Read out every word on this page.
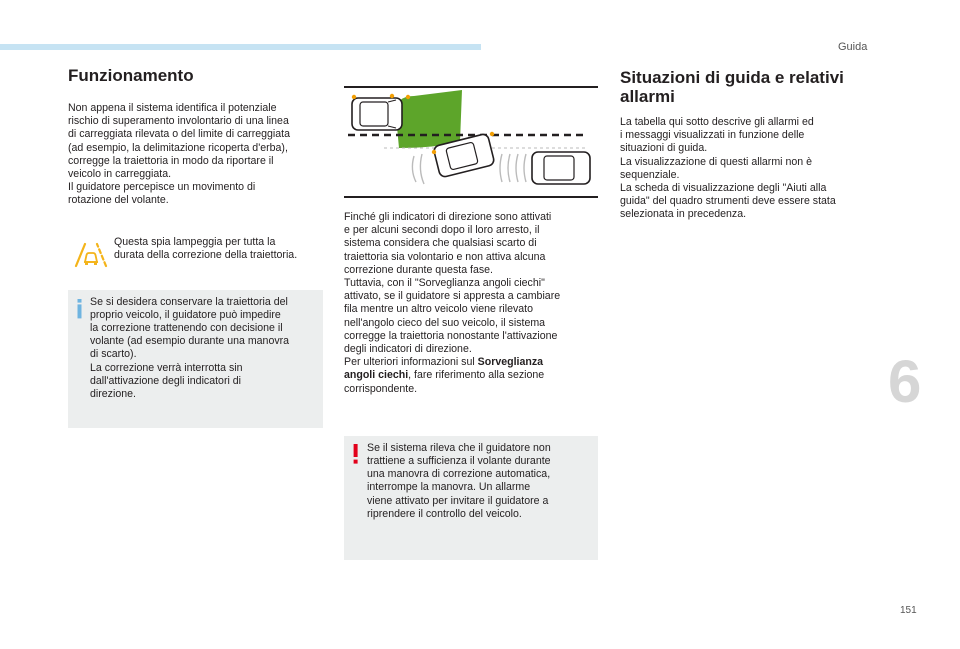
Guida
6
151
Funzionamento

Non appena il sistema identifica il potenziale
rischio di superamento involontario di una linea
di carreggiata rilevata o del limite di carreggiata
(ad esempio, la delimitazione ricoperta d'erba),
corregge la traiettoria in modo da riportare il
veicolo in carreggiata.
Il guidatore percepisce un movimento di
rotazione del volante.

Questa spia lampeggia per tutta la
durata della correzione della traiettoria.
Se si desidera conservare la traiettoria del
proprio veicolo, il guidatore può impedire
la correzione trattenendo con decisione il
volante (ad esempio durante una manovra
di scarto).
La correzione verrà interrotta sin
dall'attivazione degli indicatori di
direzione.

Finché gli indicatori di direzione sono attivati
e per alcuni secondi dopo il loro arresto, il
sistema considera che qualsiasi scarto di
traiettoria sia volontario e non attiva alcuna
correzione durante questa fase.
Tuttavia, con il "Sorveglianza angoli ciechi"
attivato, se il guidatore si appresta a cambiare
fila mentre un altro veicolo viene rilevato
nell'angolo cieco del suo veicolo, il sistema
corregge la traiettoria nonostante l'attivazione
degli indicatori di direzione.
Per ulteriori informazioni sul Sorveglianza
angoli ciechi, fare riferimento alla sezione
corrispondente.

Se il sistema rileva che il guidatore non
trattiene a sufficienza il volante durante
una manovra di correzione automatica,
interrompe la manovra. Un allarme
viene attivato per invitare il guidatore a
riprendere il controllo del veicolo.
Situazioni di guida e relativi
allarmi

La tabella qui sotto descrive gli allarmi ed
i messaggi visualizzati in funzione delle
situazioni di guida.
La visualizzazione di questi allarmi non è
sequenziale.
La scheda di visualizzazione degli "Aiuti alla
guida" del quadro strumenti deve essere stata
selezionata in precedenza.
